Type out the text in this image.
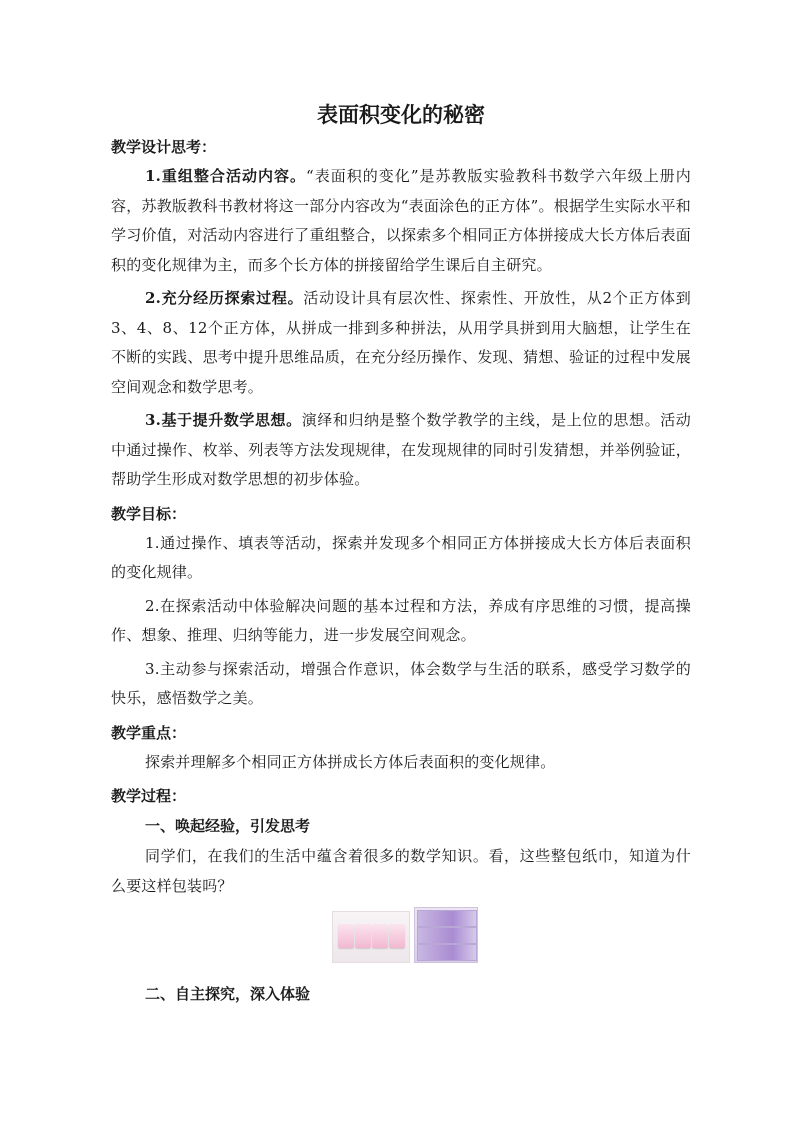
表面积变化的秘密
教学设计思考：

1.重组整合活动内容。“表面积的变化”是苏教版实验教科书数学六年级上册内容，苏教版教科书教材将这一部分内容改为“表面涂色的正方体”。根据学生实际水平和学习价值，对活动内容进行了重组整合，以探索多个相同正方体拼接成大长方体后表面积的变化规律为主，而多个长方体的拼接留给学生课后自主研究。

2.充分经历探索过程。活动设计具有层次性、探索性、开放性，从2个正方体到3、4、8、12个正方体，从拼成一排到多种拼法，从用学具拼到用大脑想，让学生在不断的实践、思考中提升思维品质，在充分经历操作、发现、猜想、验证的过程中发展空间观念和数学思考。

3.基于提升数学思想。演绎和归纳是整个数学教学的主线，是上位的思想。活动中通过操作、枚举、列表等方法发现规律，在发现规律的同时引发猜想，并举例验证，帮助学生形成对数学思想的初步体验。

教学目标：

1.通过操作、填表等活动，探索并发现多个相同正方体拼接成大长方体后表面积的变化规律。

2.在探索活动中体验解决问题的基本过程和方法，养成有序思维的习惯，提高操作、想象、推理、归纳等能力，进一步发展空间观念。

3.主动参与探索活动，增强合作意识，体会数学与生活的联系，感受学习数学的快乐，感悟数学之美。

教学重点：

探索并理解多个相同正方体拼成长方体后表面积的变化规律。

教学过程：
一、唤起经验，引发思考

同学们，在我们的生活中蕴含着很多的数学知识。看，这些整包纸巾，知道为什么要这样包装吗？

二、自主探究，深入体验
